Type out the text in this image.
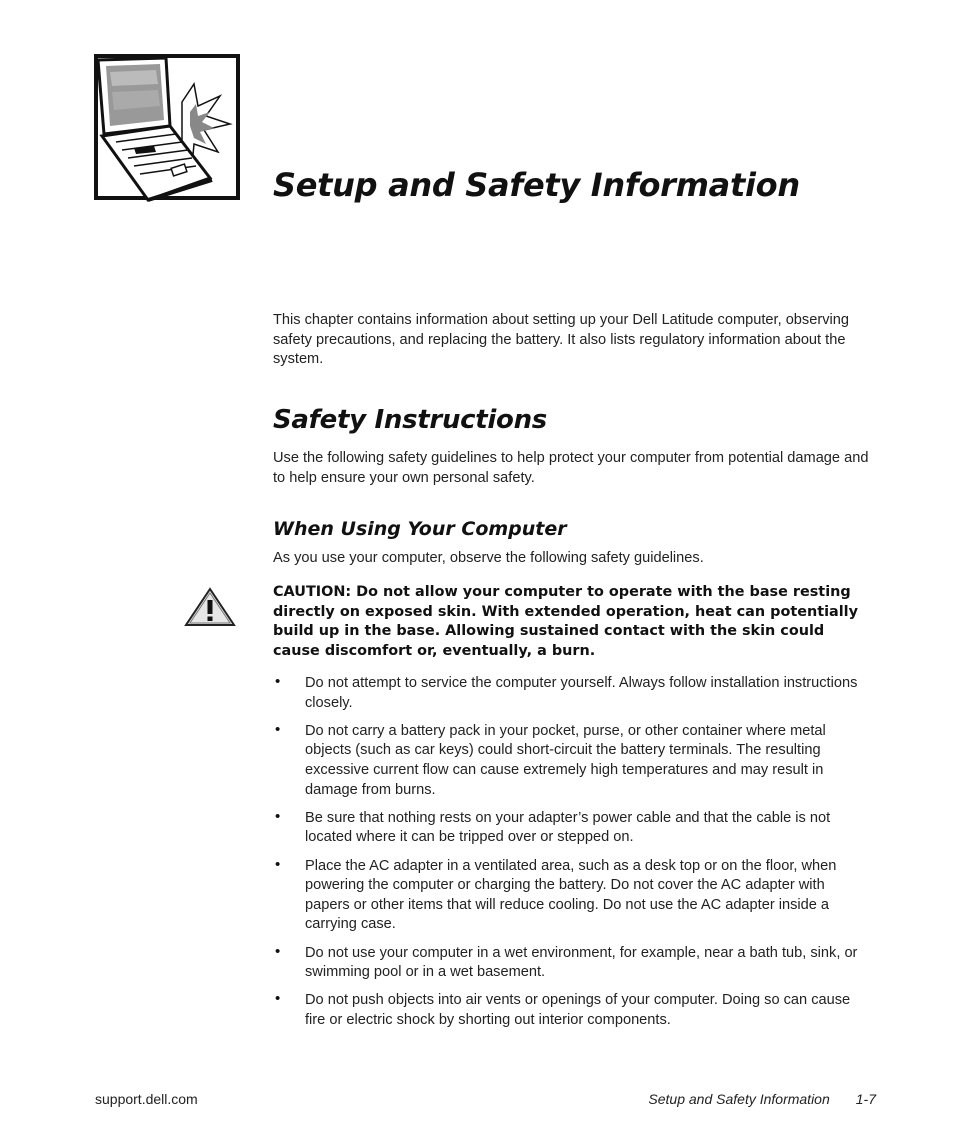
Setup and Safety Information

This chapter contains information about setting up your Dell Latitude computer, observing safety precautions, and replacing the battery. It also lists regulatory information about the system.

Safety Instructions

Use the following safety guidelines to help protect your computer from potential damage and to help ensure your own personal safety.

When Using Your Computer

As you use your computer, observe the following safety guidelines.

CAUTION: Do not allow your computer to operate with the base resting directly on exposed skin. With extended operation, heat can potentially build up in the base. Allowing sustained contact with the skin could cause discomfort or, eventually, a burn.

• Do not attempt to service the computer yourself. Always follow installation instructions closely.
• Do not carry a battery pack in your pocket, purse, or other container where metal objects (such as car keys) could short-circuit the battery terminals. The resulting excessive current flow can cause extremely high temperatures and may result in damage from burns.
• Be sure that nothing rests on your adapter’s power cable and that the cable is not located where it can be tripped over or stepped on.
• Place the AC adapter in a ventilated area, such as a desk top or on the floor, when powering the computer or charging the battery. Do not cover the AC adapter with papers or other items that will reduce cooling. Do not use the AC adapter inside a carrying case.
• Do not use your computer in a wet environment, for example, near a bath tub, sink, or swimming pool or in a wet basement.
• Do not push objects into air vents or openings of your computer. Doing so can cause fire or electric shock by shorting out interior components.
support.dell.com	Setup and Safety Information 1-7
